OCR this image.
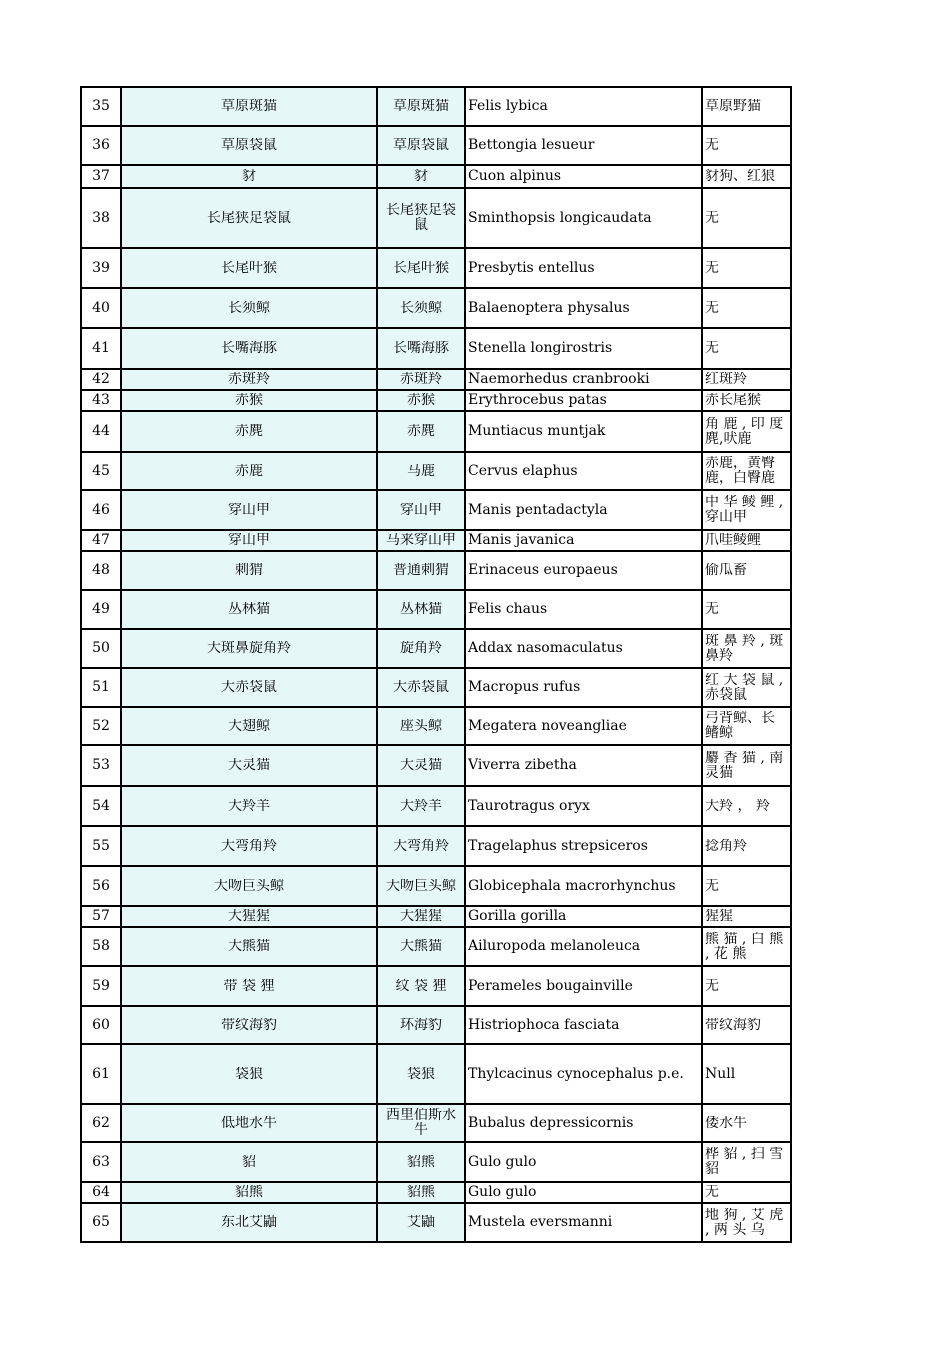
35	草原斑猫	草原斑猫	Felis lybica	草原野猫

36	草原袋鼠	草原袋鼠	Bettongia lesueur	无

37	豺	豺	Cuon alpinus	豺狗、红狼

38	长尾狭足袋鼠	长尾狭足袋鼠	Sminthopsis longicaudata	无

39	长尾叶猴	长尾叶猴	Presbytis entellus	无

40	长须鲸	长须鲸	Balaenoptera physalus	无

41	长嘴海豚	长嘴海豚	Stenella longirostris	无

42	赤斑羚	赤斑羚	Naemorhedus cranbrooki	红斑羚

43	赤猴	赤猴	Erythrocebus patas	赤长尾猴

44	赤麂	赤麂	Muntiacus muntjak	角 鹿 , 印 度 麂,吠鹿

45	赤鹿	马鹿	Cervus elaphus	赤鹿，黄臀鹿，白臀鹿

46	穿山甲	穿山甲	Manis pentadactyla	中 华 鲮 鲤 , 穿山甲

47	穿山甲	马来穿山甲	Manis javanica	爪哇鲮鲤

48	刺猬	普通刺猬	Erinaceus europaeus	偷瓜畜

49	丛林猫	丛林猫	Felis chaus	无

50	大斑鼻旋角羚	旋角羚	Addax nasomaculatus	斑 鼻 羚 , 斑 鼻羚

51	大赤袋鼠	大赤袋鼠	Macropus rufus	红 大 袋 鼠 , 赤袋鼠

52	大翅鲸	座头鲸	Megatera noveangliae	弓背鲸、长鳍鲸

53	大灵猫	大灵猫	Viverra zibetha	麝 香 猫 , 南 灵猫

54	大羚羊	大羚羊	Taurotragus oryx	大羚 ， 羚

55	大弯角羚	大弯角羚	Tragelaphus strepsiceros	捻角羚

56	大吻巨头鲸	大吻巨头鲸	Globicephala macrorhynchus	无

57	大猩猩	大猩猩	Gorilla gorilla	猩猩

58	大熊猫	大熊猫	Ailuropoda melanoleuca	熊 猫 , 白 熊 , 花 熊

59	带 袋 狸	纹 袋 狸	Perameles bougainville	无

60	带纹海豹	环海豹	Histriophoca fasciata	带纹海豹

61	袋狼	袋狼	Thylcacinus cynocephalus p.e.	Null

62	低地水牛	西里伯斯水牛	Bubalus depressicornis	倭水牛

63	貂	貂熊	Gulo gulo	桦 貂 , 扫 雪 貂

64	貂熊	貂熊	Gulo gulo	无

65	东北艾鼬	艾鼬	Mustela eversmanni	地 狗 , 艾 虎 , 两 头 乌
